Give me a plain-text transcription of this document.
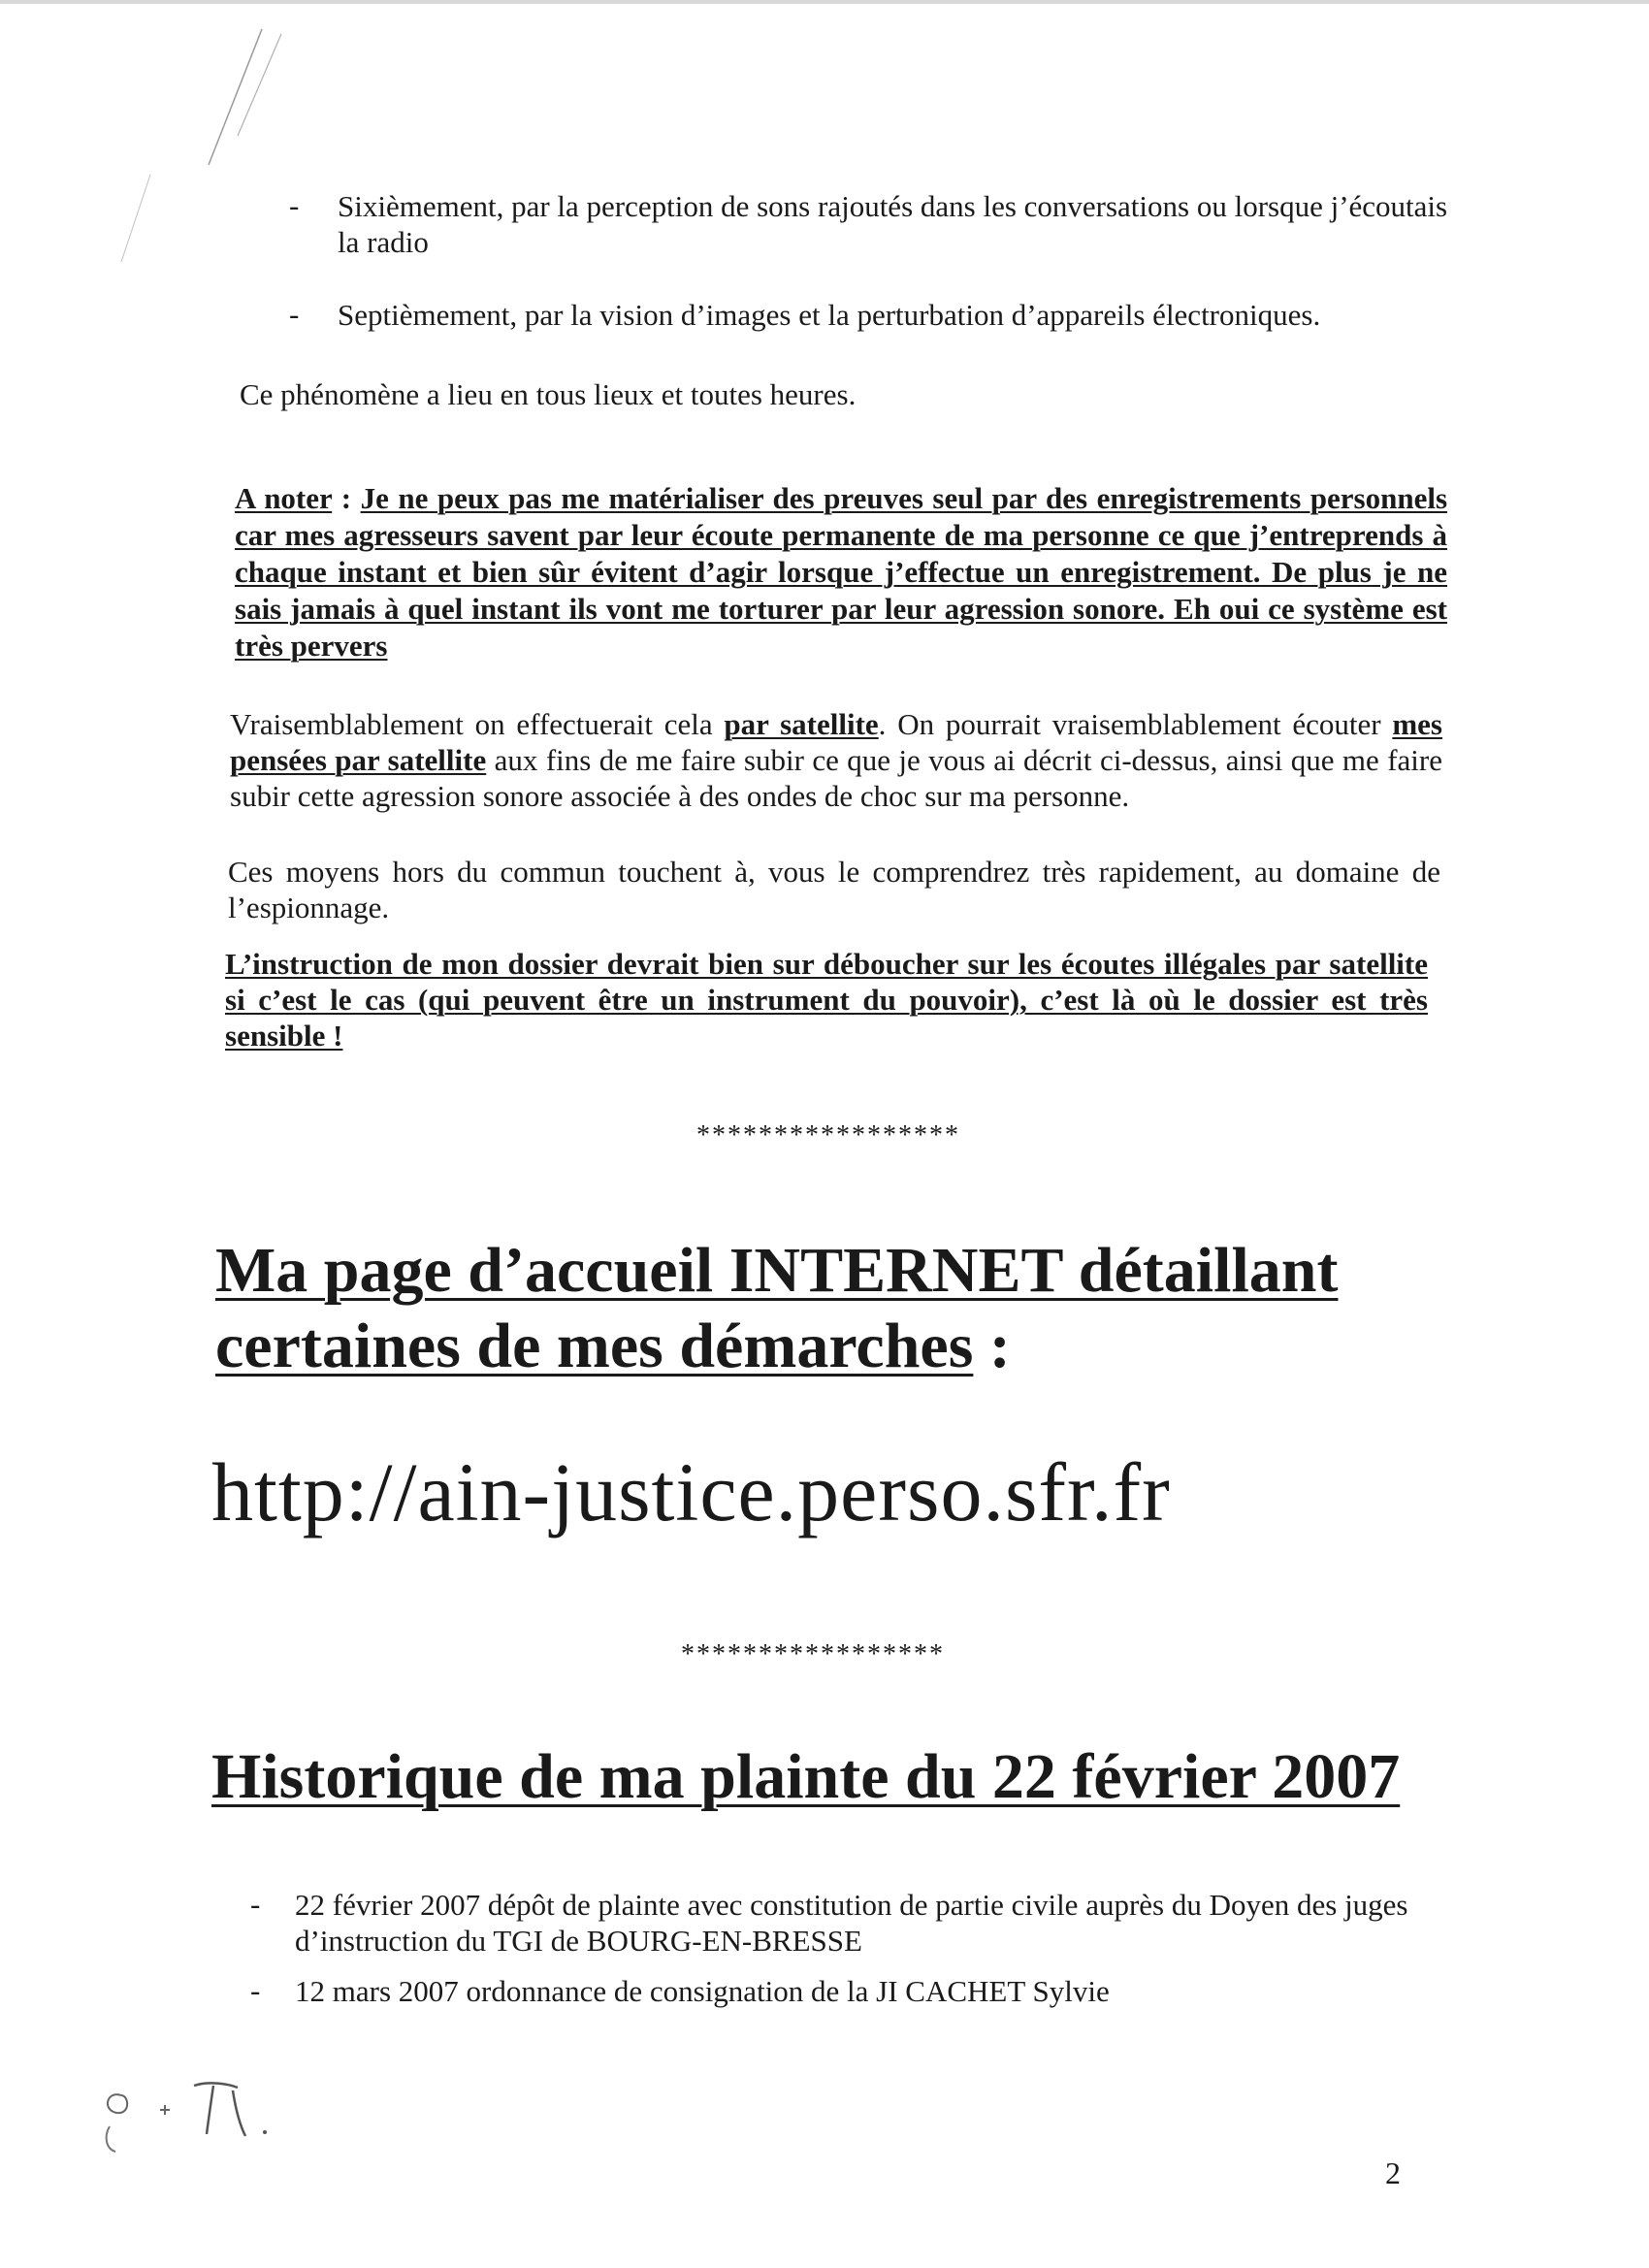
- Sixièmement, par la perception de sons rajoutés dans les conversations ou lorsque j’écoutais la radio
- Septièmement, par la vision d’images et la perturbation d’appareils électroniques.
Ce phénomène a lieu en tous lieux et toutes heures.
A noter : Je ne peux pas me matérialiser des preuves seul par des enregistrements personnels car mes agresseurs savent par leur écoute permanente de ma personne ce que j’entreprends à chaque instant et bien sûr évitent d’agir lorsque j’effectue un enregistrement. De plus je ne sais jamais à quel instant ils vont me torturer par leur agression sonore. Eh oui ce système est très pervers
Vraisemblablement on effectuerait cela par satellite. On pourrait vraisemblablement écouter mes pensées par satellite aux fins de me faire subir ce que je vous ai décrit ci-dessus, ainsi que me faire subir cette agression sonore associée à des ondes de choc sur ma personne.
Ces moyens hors du commun touchent à, vous le comprendrez très rapidement, au domaine de l’espionnage.
L’instruction de mon dossier devrait bien sur déboucher sur les écoutes illégales par satellite si c’est le cas (qui peuvent être un instrument du pouvoir), c’est là où le dossier est très sensible !
*****************
Ma page d’accueil INTERNET détaillant
certaines de mes démarches :
http://ain-justice.perso.sfr.fr
*****************
Historique de ma plainte du 22 février 2007
- 22 février 2007 dépôt de plainte avec constitution de partie civile auprès du Doyen des juges d’instruction du TGI de BOURG-EN-BRESSE
- 12 mars 2007 ordonnance de consignation de la JI CACHET Sylvie
2
